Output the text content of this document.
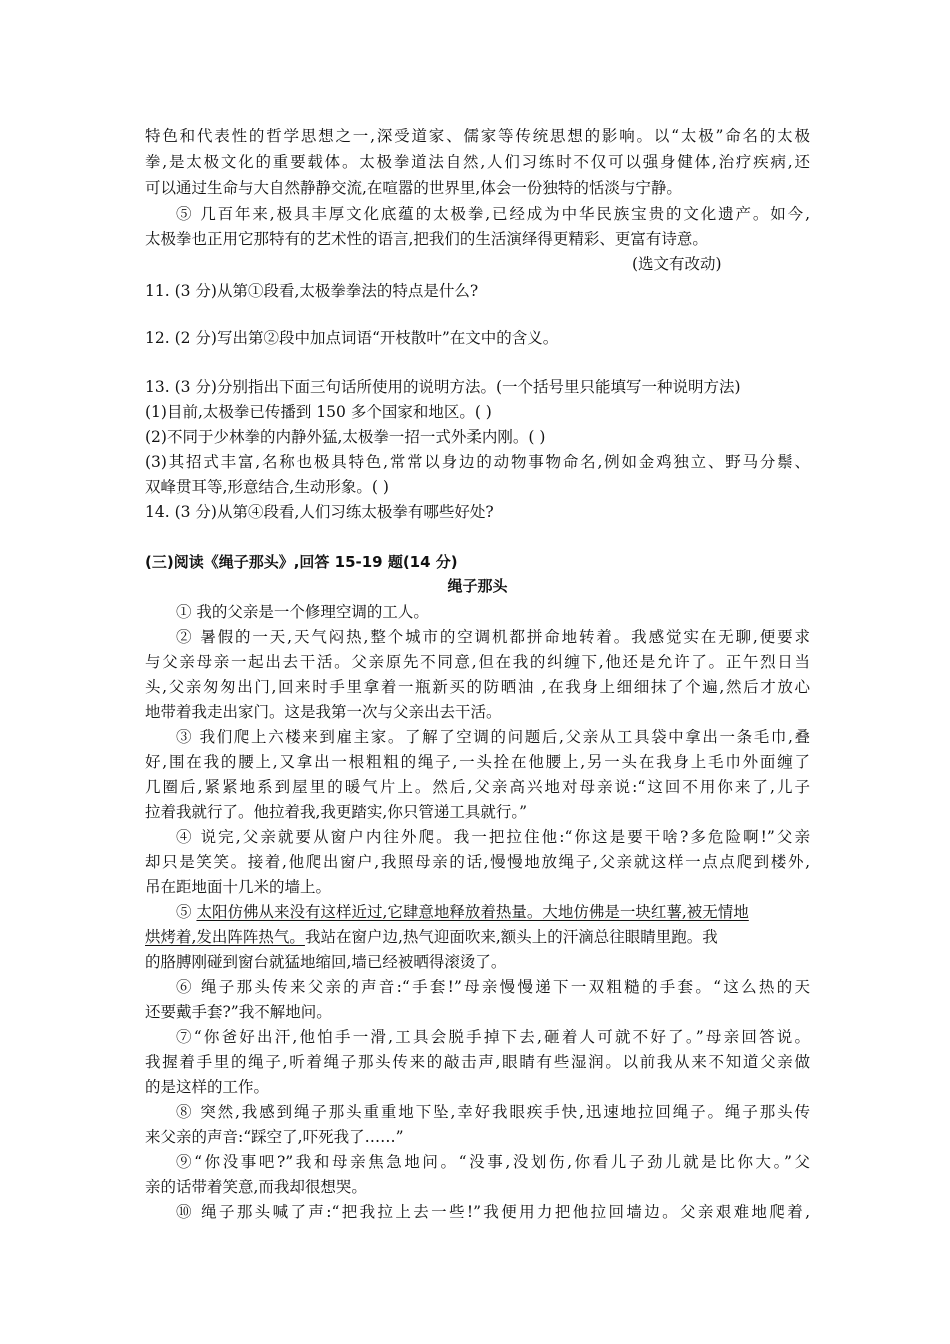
特色和代表性的哲学思想之一,深受道家、儒家等传统思想的影响。以“太极”命名的太极
拳,是太极文化的重要载体。太极拳道法自然,人们习练时不仅可以强身健体,治疗疾病,还
可以通过生命与大自然静静交流,在喧嚣的世界里,体会一份独特的恬淡与宁静。
⑤ 几百年来,极具丰厚文化底蕴的太极拳,已经成为中华民族宝贵的文化遗产。如今,
太极拳也正用它那特有的艺术性的语言,把我们的生活演绎得更精彩、更富有诗意。
(选文有改动)
11. (3 分)从第①段看,太极拳拳法的特点是什么?
12. (2 分)写出第②段中加点词语“开枝散叶”在文中的含义。
13. (3 分)分别指出下面三句话所使用的说明方法。(一个括号里只能填写一种说明方法)
(1)目前,太极拳已传播到 150 多个国家和地区。( )
(2)不同于少林拳的内静外猛,太极拳一招一式外柔内刚。( )
(3)其招式丰富,名称也极具特色,常常以身边的动物事物命名,例如金鸡独立、野马分鬃、
双峰贯耳等,形意结合,生动形象。( )
14. (3 分)从第④段看,人们习练太极拳有哪些好处?
(三)阅读《绳子那头》,回答 15-19 题(14 分)
绳子那头
① 我的父亲是一个修理空调的工人。
② 暑假的一天,天气闷热,整个城市的空调机都拼命地转着。我感觉实在无聊,便要求
与父亲母亲一起出去干活。父亲原先不同意,但在我的纠缠下,他还是允许了。正午烈日当
头,父亲匆匆出门,回来时手里拿着一瓶新买的防晒油 ,在我身上细细抹了个遍,然后才放心
地带着我走出家门。这是我第一次与父亲出去干活。
③ 我们爬上六楼来到雇主家。了解了空调的问题后,父亲从工具袋中拿出一条毛巾,叠
好,围在我的腰上,又拿出一根粗粗的绳子,一头拴在他腰上,另一头在我身上毛巾外面缠了
几圈后,紧紧地系到屋里的暖气片上。然后,父亲高兴地对母亲说:“这回不用你来了,儿子
拉着我就行了。他拉着我,我更踏实,你只管递工具就行。”
④ 说完,父亲就要从窗户内往外爬。我一把拉住他:“你这是要干啥?多危险啊!”父亲
却只是笑笑。接着,他爬出窗户,我照母亲的话,慢慢地放绳子,父亲就这样一点点爬到楼外,
吊在距地面十几米的墙上。
⑤ 太阳仿佛从来没有这样近过,它肆意地释放着热量。大地仿佛是一块红薯,被无情地
烘烤着,发出阵阵热气。我站在窗户边,热气迎面吹来,额头上的汗滴总往眼睛里跑。我
的胳膊刚碰到窗台就猛地缩回,墙已经被晒得滚烫了。
⑥ 绳子那头传来父亲的声音:“手套!”母亲慢慢递下一双粗糙的手套。“这么热的天
还要戴手套?”我不解地问。
⑦“你爸好出汗,他怕手一滑,工具会脱手掉下去,砸着人可就不好了。”母亲回答说。
我握着手里的绳子,听着绳子那头传来的敲击声,眼睛有些湿润。以前我从来不知道父亲做
的是这样的工作。
⑧ 突然,我感到绳子那头重重地下坠,幸好我眼疾手快,迅速地拉回绳子。绳子那头传
来父亲的声音:“踩空了,吓死我了……”
⑨“你没事吧?”我和母亲焦急地问。“没事,没划伤,你看儿子劲儿就是比你大。”父
亲的话带着笑意,而我却很想哭。
⑩ 绳子那头喊了声:“把我拉上去一些!”我便用力把他拉回墙边。父亲艰难地爬着,
